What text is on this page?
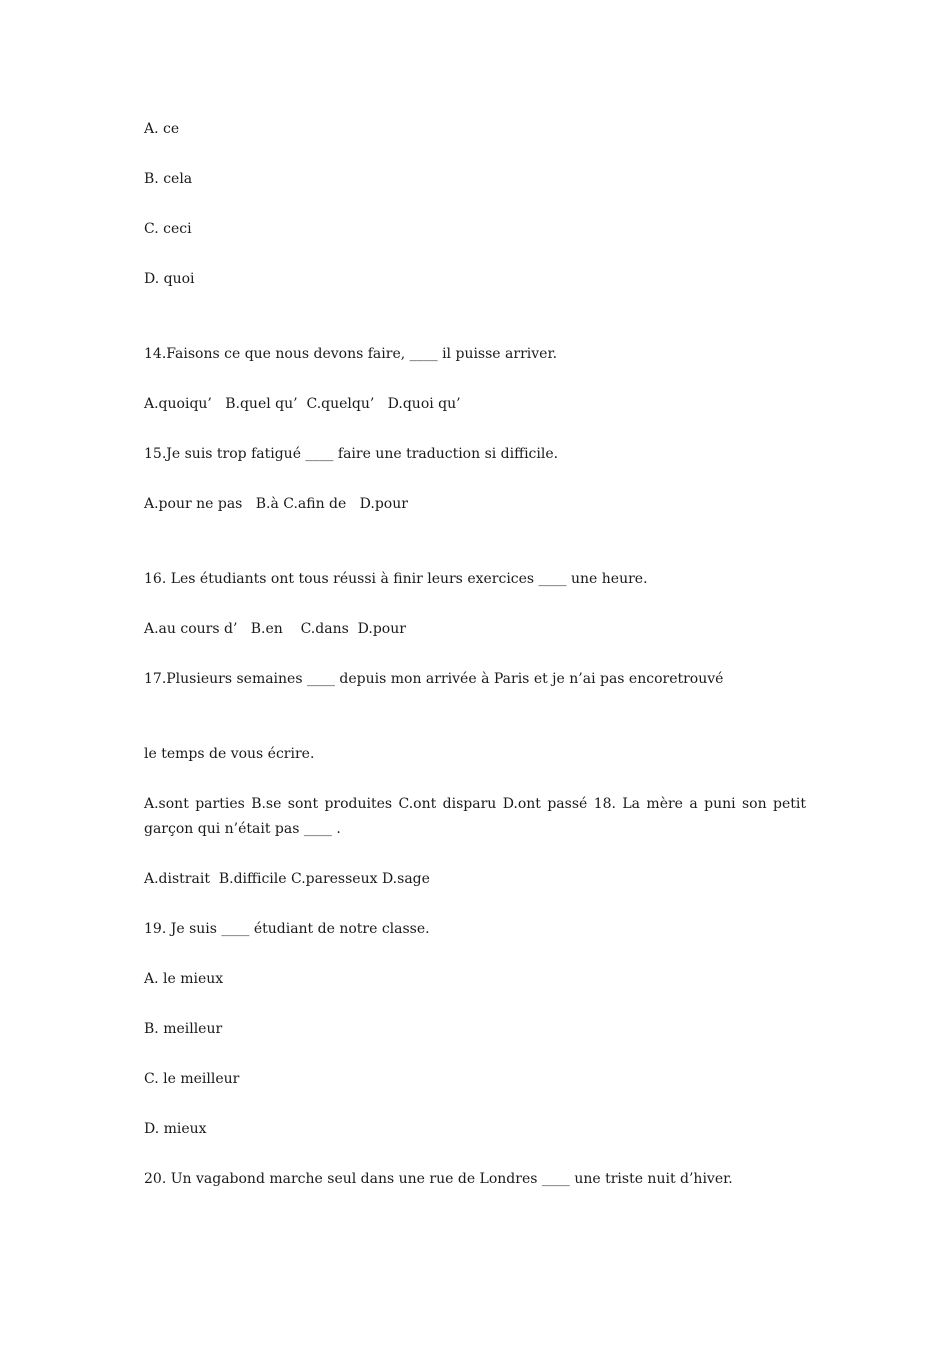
A. ce

B. cela

C. ceci

D. quoi

14.Faisons ce que nous devons faire, ____ il puisse arriver.

A.quoiqu’   B.quel qu’  C.quelqu’   D.quoi qu’

15.Je suis trop fatigué ____ faire une traduction si difficile.

A.pour ne pas   B.à C.afin de   D.pour

16. Les étudiants ont tous réussi à finir leurs exercices ____ une heure.

A.au cours d’   B.en    C.dans  D.pour

17.Plusieurs semaines ____ depuis mon arrivée à Paris et je n’ai pas encoretrouvé

le temps de vous écrire.

A.sont parties B.se sont produites C.ont disparu D.ont passé 18. La mère a puni son petit garçon qui n’était pas ____ .

A.distrait  B.difficile C.paresseux D.sage

19. Je suis ____ étudiant de notre classe.

A. le mieux

B. meilleur

C. le meilleur

D. mieux

20. Un vagabond marche seul dans une rue de Londres ____ une triste nuit d’hiver.
